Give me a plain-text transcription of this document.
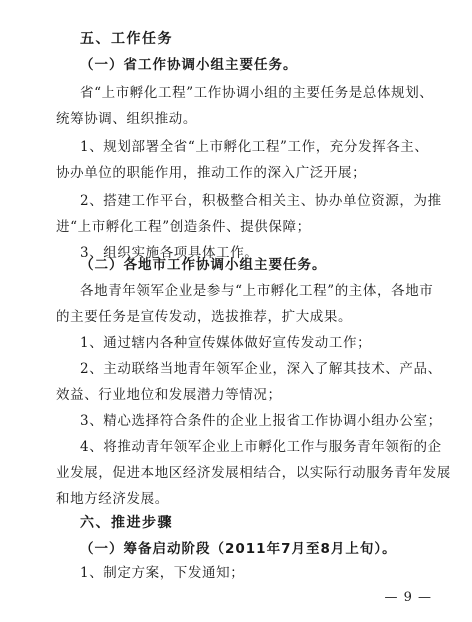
五、工作任务
（一）省工作协调小组主要任务。
省“上市孵化工程”工作协调小组的主要任务是总体规划、
统筹协调、组织推动。
1、规划部署全省“上市孵化工程”工作，充分发挥各主、
协办单位的职能作用，推动工作的深入广泛开展；
2、搭建工作平台，积极整合相关主、协办单位资源，为推
进“上市孵化工程”创造条件、提供保障；
3、组织实施各项具体工作。
（二）各地市工作协调小组主要任务。
各地青年领军企业是参与“上市孵化工程”的主体，各地市
的主要任务是宣传发动，选拔推荐，扩大成果。
1、通过辖内各种宣传媒体做好宣传发动工作；
2、主动联络当地青年领军企业，深入了解其技术、产品、
效益、行业地位和发展潜力等情况；
3、精心选择符合条件的企业上报省工作协调小组办公室；
4、将推动青年领军企业上市孵化工作与服务青年领衔的企
业发展，促进本地区经济发展相结合，以实际行动服务青年发展
和地方经济发展。
六、推进步骤
（一）筹备启动阶段（2011年7月至8月上旬）。
1、制定方案，下发通知；
— 9 —
